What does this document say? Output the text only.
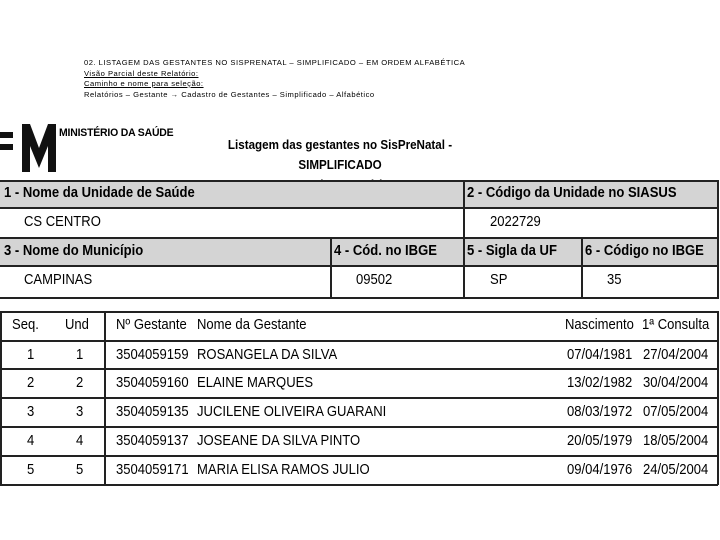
02. LISTAGEM DAS GESTANTES NO SISPRENATAL – SIMPLIFICADO – EM ORDEM ALFABÉTICA
Visão Parcial deste Relatório:
Caminho e nome para seleção:
Relatórios – Gestante → Cadastro de Gestantes – Simplificado – Alfabético
MINISTÉRIO DA SAÚDE
Listagem das gestantes no SisPreNatal - SIMPLIFICADO
1 - Nome da Unidade de Saúde	2 - Código da Unidade no SIASUS
CS CENTRO	2022729
3 - Nome do Município	4 - Cód. no IBGE	5 - Sigla da UF	6 - Código no IBGE
CAMPINAS	09502	SP	35
Seq. Und Nº Gestante Nome da Gestante	Nascimento 1ª Consulta
1	1 3504059159 ROSANGELA DA SILVA	07/04/1981 27/04/2004
2	2 3504059160 ELAINE MARQUES	13/02/1982 30/04/2004
3	3 3504059135 JUCILENE OLIVEIRA GUARANI	08/03/1972 07/05/2004
4	4 3504059137 JOSEANE DA SILVA PINTO	20/05/1979 18/05/2004
5	5 3504059171 MARIA ELISA RAMOS JULIO	09/04/1976 24/05/2004
